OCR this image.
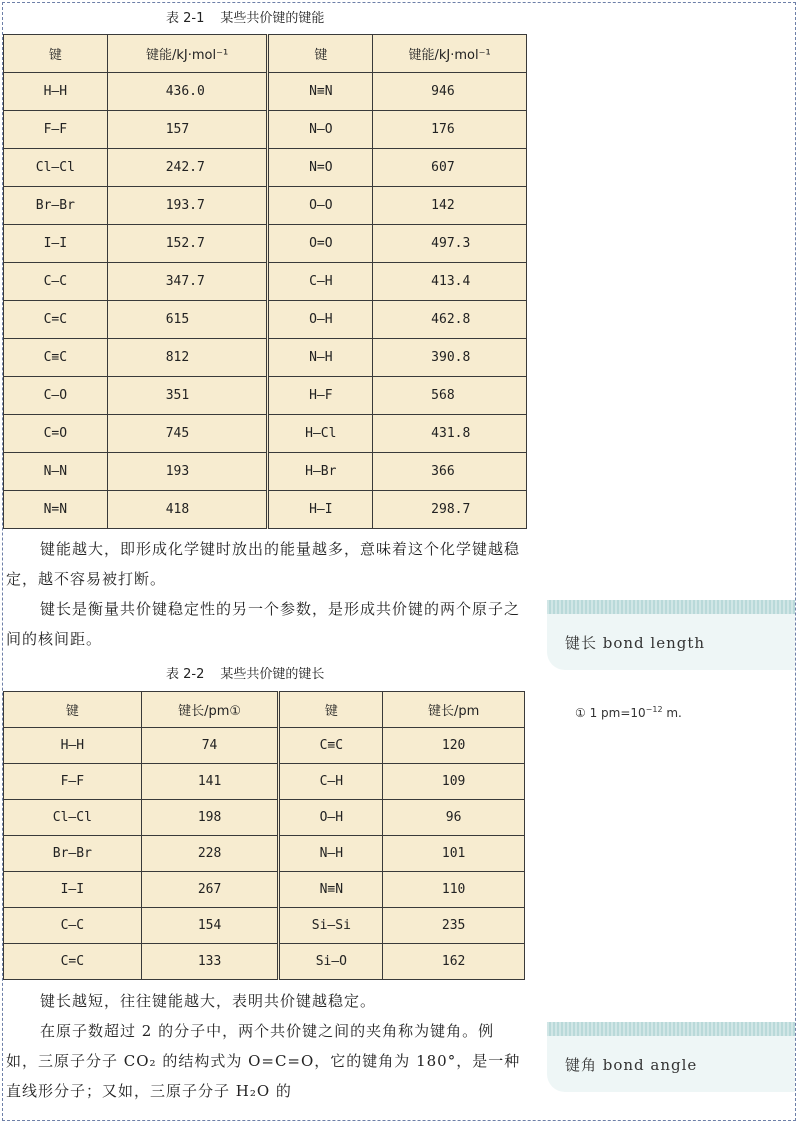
表 2-1 某些共价键的键能
键	键能/kJ·mol⁻¹	键	键能/kJ·mol⁻¹
H—H	436.0	N≡N	946
F—F	157	N—O	176
Cl—Cl	242.7	N=O	607
Br—Br	193.7	O—O	142
I—I	152.7	O=O	497.3
C—C	347.7	C—H	413.4
C=C	615	O—H	462.8
C≡C	812	N—H	390.8
C—O	351	H—F	568
C=O	745	H—Cl	431.8
N—N	193	H—Br	366
N=N	418	H—I	298.7

键能越大，即形成化学键时放出的能量越多，意味着这个化学键越稳定，越不容易被打断。

键长是衡量共价键稳定性的另一个参数，是形成共价键的两个原子之间的核间距。	键长 bond length
表 2-2 某些共价键的键长
① 1 $pm=10^{-12}$ m.
键	键长/pm①	键	键长/pm
H—H	74	C≡C	120
F—F	141	C—H	109
Cl—Cl	198	O—H	96
Br—Br	228	N—H	101
I—I	267	N≡N	110
C—C	154	Si—Si	235
C=C	133	Si—O	162

键长越短，往往键能越大，表明共价键越稳定。

在原子数超过 2 的分子中，两个共价键之间的夹角称为键角。例如，三原子分子 CO₂ 的结构式为 O=C=O，它的键角为 180°，是一种直线形分子；又如，三原子分子 H₂O 的

键角 bond angle
